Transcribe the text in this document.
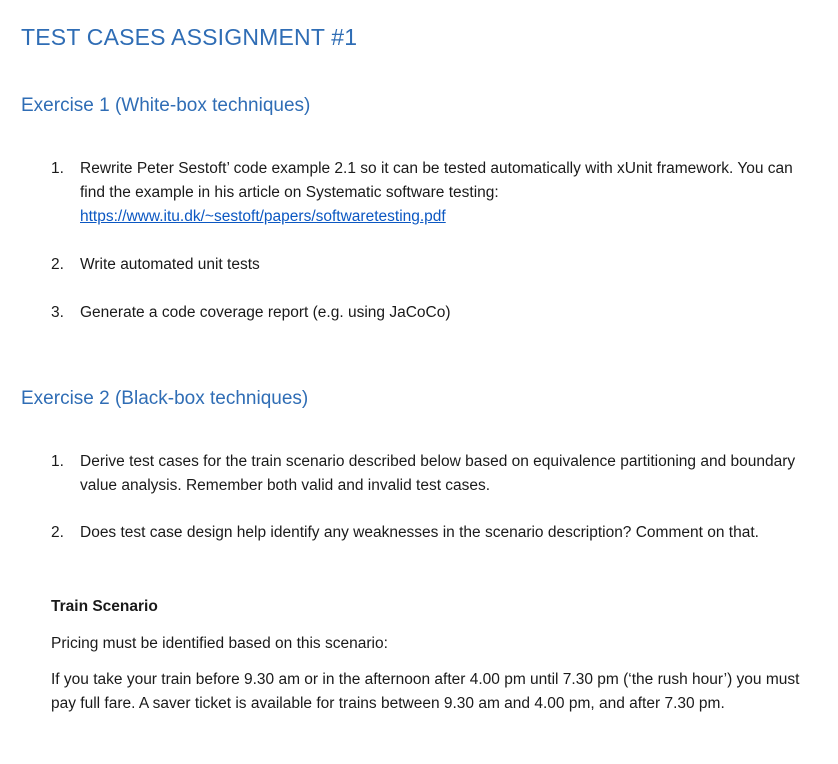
TEST CASES ASSIGNMENT #1
Exercise 1 (White-box techniques)
1. Rewrite Peter Sestoft’ code example 2.1 so it can be tested automatically with xUnit framework. You can find the example in his article on Systematic software testing:
https://www.itu.dk/~sestoft/papers/softwaretesting.pdf
2. Write automated unit tests
3. Generate a code coverage report (e.g. using JaCoCo)
Exercise 2 (Black-box techniques)
1. Derive test cases for the train scenario described below based on equivalence partitioning and boundary value analysis. Remember both valid and invalid test cases.
2. Does test case design help identify any weaknesses in the scenario description? Comment on that.
Train Scenario
Pricing must be identified based on this scenario:
If you take your train before 9.30 am or in the afternoon after 4.00 pm until 7.30 pm (‘the rush hour’) you must pay full fare. A saver ticket is available for trains between 9.30 am and 4.00 pm, and after 7.30 pm.
